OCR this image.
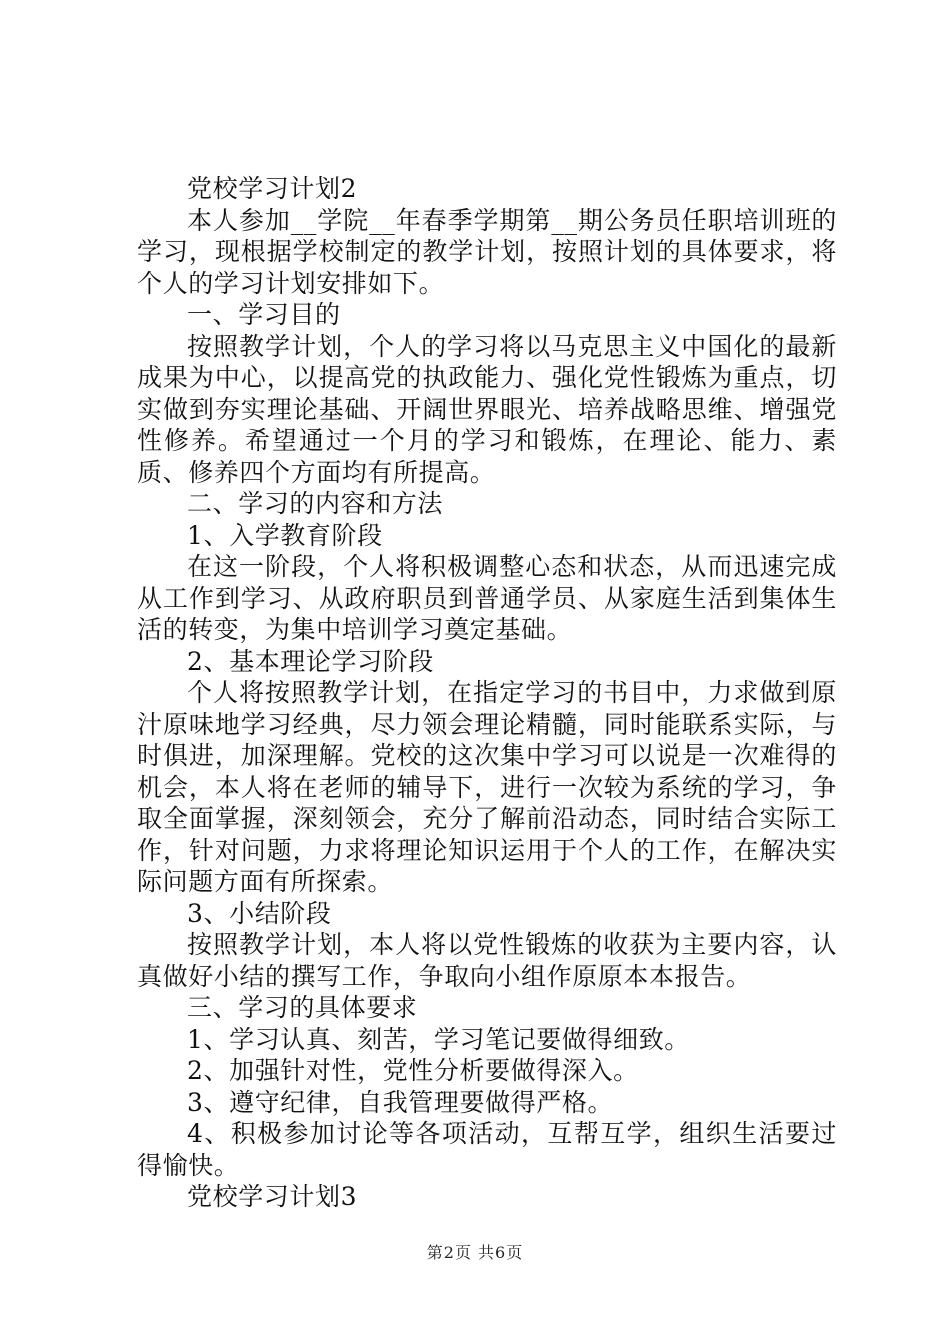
党校学习计划2

本人参加__学院__年春季学期第__期公务员任职培训班的学习，现根据学校制定的教学计划，按照计划的具体要求，将个人的学习计划安排如下。

一、学习目的

按照教学计划，个人的学习将以马克思主义中国化的最新成果为中心，以提高党的执政能力、强化党性锻炼为重点，切实做到夯实理论基础、开阔世界眼光、培养战略思维、增强党性修养。希望通过一个月的学习和锻炼，在理论、能力、素质、修养四个方面均有所提高。

二、学习的内容和方法

1、入学教育阶段

在这一阶段，个人将积极调整心态和状态，从而迅速完成从工作到学习、从政府职员到普通学员、从家庭生活到集体生活的转变，为集中培训学习奠定基础。

2、基本理论学习阶段

个人将按照教学计划，在指定学习的书目中，力求做到原汁原味地学习经典，尽力领会理论精髓，同时能联系实际，与时俱进，加深理解。党校的这次集中学习可以说是一次难得的机会，本人将在老师的辅导下，进行一次较为系统的学习，争取全面掌握，深刻领会，充分了解前沿动态，同时结合实际工作，针对问题，力求将理论知识运用于个人的工作，在解决实际问题方面有所探索。

3、小结阶段

按照教学计划，本人将以党性锻炼的收获为主要内容，认真做好小结的撰写工作，争取向小组作原原本本报告。

三、学习的具体要求

1、学习认真、刻苦，学习笔记要做得细致。

2、加强针对性，党性分析要做得深入。

3、遵守纪律，自我管理要做得严格。

4、积极参加讨论等各项活动，互帮互学，组织生活要过得愉快。

党校学习计划3

第2页 共6页
